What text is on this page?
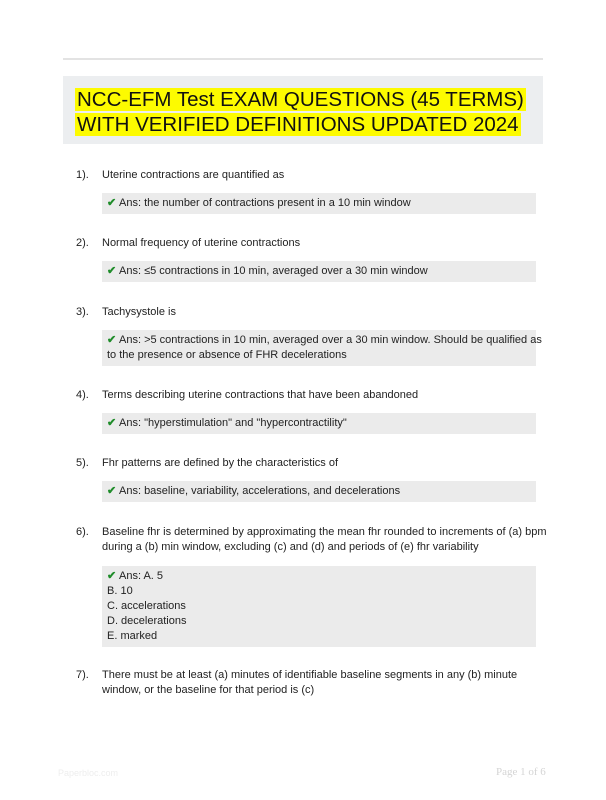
NCC-EFM Test EXAM QUESTIONS (45 TERMS)
WITH VERIFIED DEFINITIONS UPDATED 2024
1). Uterine contractions are quantified as
✔ Ans: the number of contractions present in a 10 min window
2). Normal frequency of uterine contractions
✔ Ans: ≤5 contractions in 10 min, averaged over a 30 min window
3). Tachysystole is
✔ Ans: >5 contractions in 10 min, averaged over a 30 min window. Should be qualified as
to the presence or absence of FHR decelerations
4). Terms describing uterine contractions that have been abandoned
✔ Ans: "hyperstimulation" and "hypercontractility"
5). Fhr patterns are defined by the characteristics of
✔ Ans: baseline, variability, accelerations, and decelerations
6). Baseline fhr is determined by approximating the mean fhr rounded to increments of (a) bpm
during a (b) min window, excluding (c) and (d) and periods of (e) fhr variability
✔ Ans: A. 5
B. 10
C. accelerations
D. decelerations
E. marked
7). There must be at least (a) minutes of identifiable baseline segments in any (b) minute
window, or the baseline for that period is (c)
Paperbloc.com	Page 1 of 6
